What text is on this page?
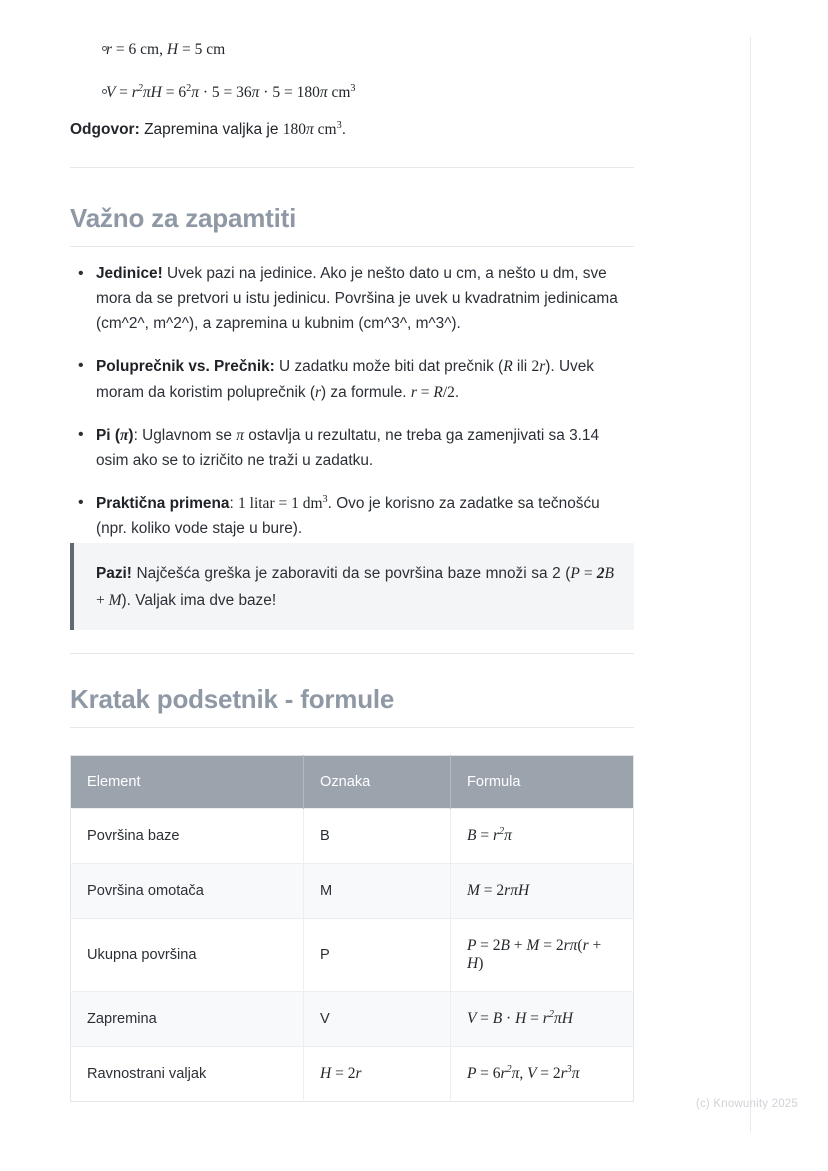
r = 6 cm, H = 5 cm
$V = r^2\pi H = 6^2\pi \cdot 5 = 36\pi \cdot 5 = 180\pi$ $cm^3$

Odgovor: Zapremina valjka je 180π $cm^3$.

Važno za zapamtiti
• Jedinice! Uvek pazi na jedinice. Ako je nešto dato u cm, a nešto u dm, sve mora da se pretvori u istu jedinicu. Površina je uvek u kvadratnim jedinicama (cm^2^, m^2^), a zapremina u kubnim (cm^3^, m^3^).
• Poluprečnik vs. Prečnik: U zadatku može biti dat prečnik (R ili 2r). Uvek moram da koristim poluprečnik (r) za formule. r = R/2.
• Pi (π): Uglavnom se π ostavlja u rezultatu, ne treba ga zamenjivati sa 3.14 osim ako se to izričito ne traži u zadatku.
• Praktična primena: 1 litar = 1 $dm^3$. Ovo je korisno za zadatke sa tečnošću (npr. koliko vode staje u bure).
Pazi! Najčešća greška je zaboraviti da se površina baze množi sa 2 (P = 2B + M). Valjak ima dve baze!
Kratak podsetnik - formule
Element	Oznaka	Formula
Površina baze	B	$B = r^2\pi$
Površina omotača	M	M = 2rπH
Ukupna površina	P	P = 2B + M = 2rπ(r + H)
Zapremina	V	$V = B \cdot H = r^2\pi H$
Ravnostrani valjak	H = 2r	$P = 6r^2\pi$, $V = 2r^3\pi$
(c) Knowunity 2025
